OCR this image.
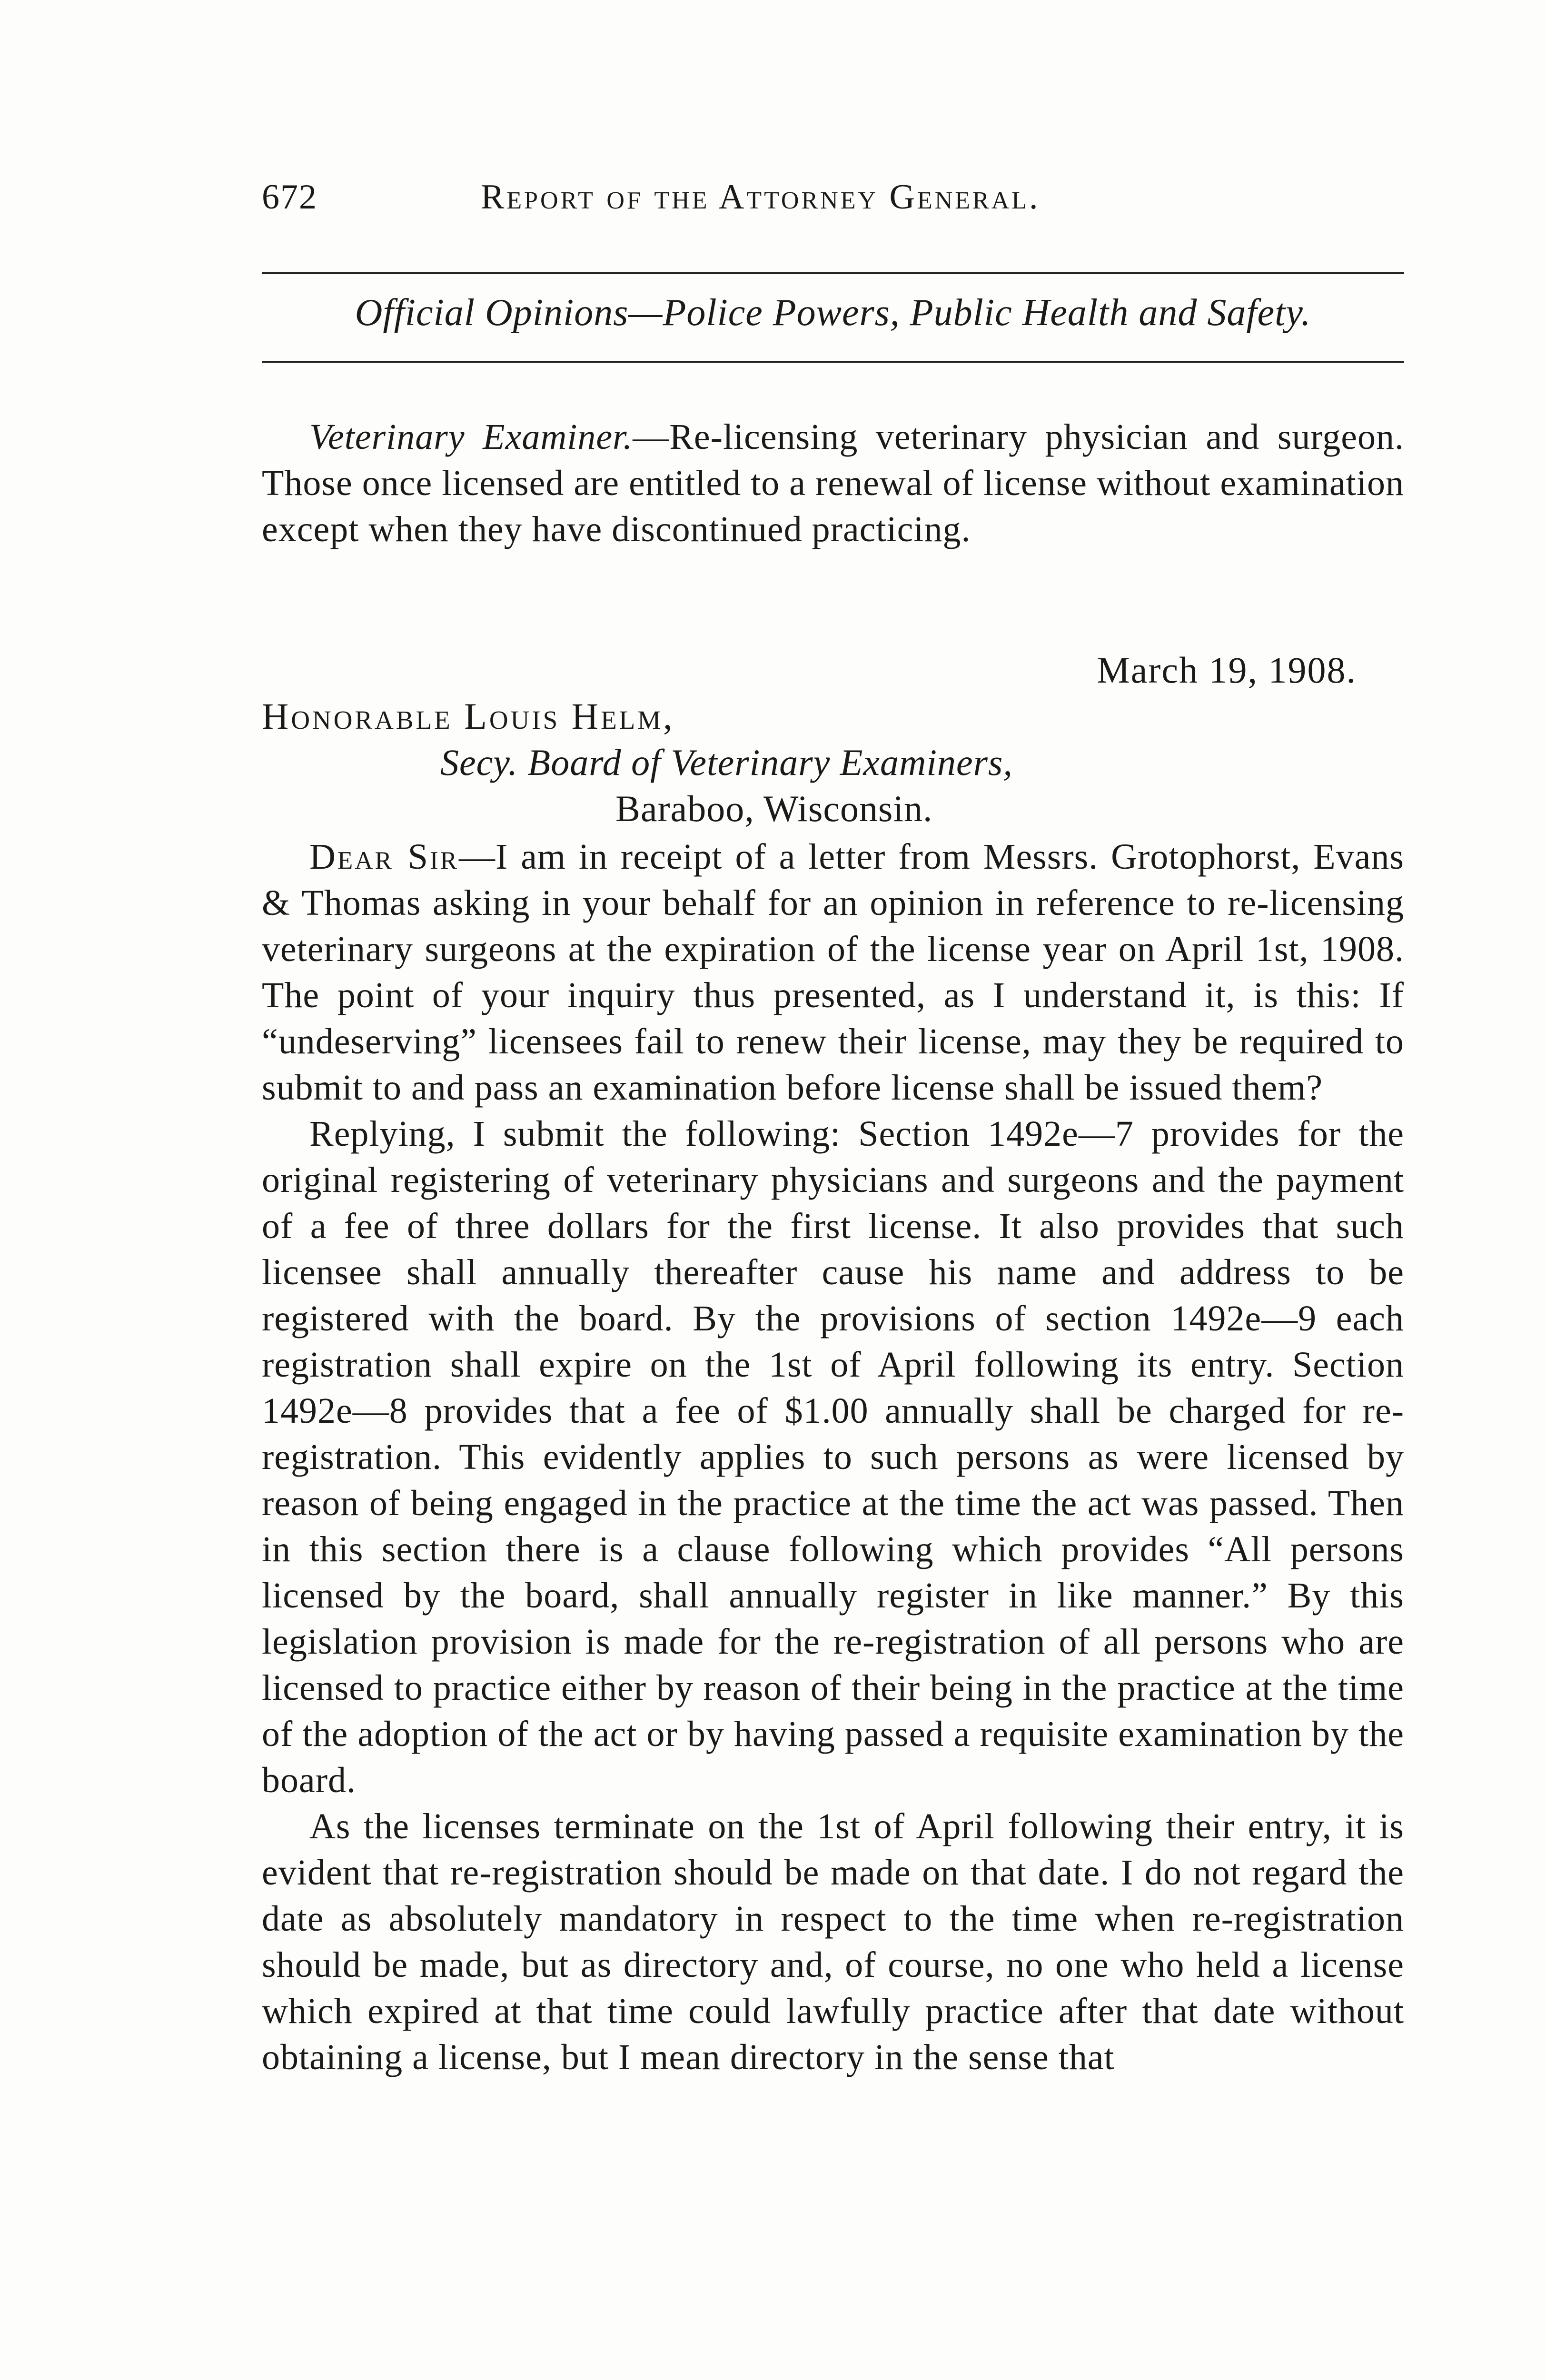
672	Report of the Attorney General.
Official Opinions—Police Powers, Public Health and Safety.
Veterinary Examiner.—Re-licensing veterinary physician and surgeon. Those once licensed are entitled to a renewal of license without examination except when they have discontinued practicing.
March 19, 1908.
Honorable Louis Helm,
Secy. Board of Veterinary Examiners,
Baraboo, Wisconsin.

Dear Sir—I am in receipt of a letter from Messrs. Grotophorst, Evans & Thomas asking in your behalf for an opinion in reference to re-licensing veterinary surgeons at the expiration of the license year on April 1st, 1908. The point of your inquiry thus presented, as I understand it, is this: If “undeserving” licensees fail to renew their license, may they be required to submit to and pass an examination before license shall be issued them?

Replying, I submit the following: Section 1492e—7 provides for the original registering of veterinary physicians and surgeons and the payment of a fee of three dollars for the first license. It also provides that such licensee shall annually thereafter cause his name and address to be registered with the board. By the provisions of section 1492e—9 each registration shall expire on the 1st of April following its entry. Section 1492e—8 provides that a fee of $1.00 annually shall be charged for re-registration. This evidently applies to such persons as were licensed by reason of being engaged in the practice at the time the act was passed. Then in this section there is a clause following which provides “All persons licensed by the board, shall annually register in like manner.” By this legislation provision is made for the re-registration of all persons who are licensed to practice either by reason of their being in the practice at the time of the adoption of the act or by having passed a requisite examination by the board.

As the licenses terminate on the 1st of April following their entry, it is evident that re-registration should be made on that date. I do not regard the date as absolutely mandatory in respect to the time when re-registration should be made, but as directory and, of course, no one who held a license which expired at that time could lawfully practice after that date without obtaining a license, but I mean directory in the sense that
